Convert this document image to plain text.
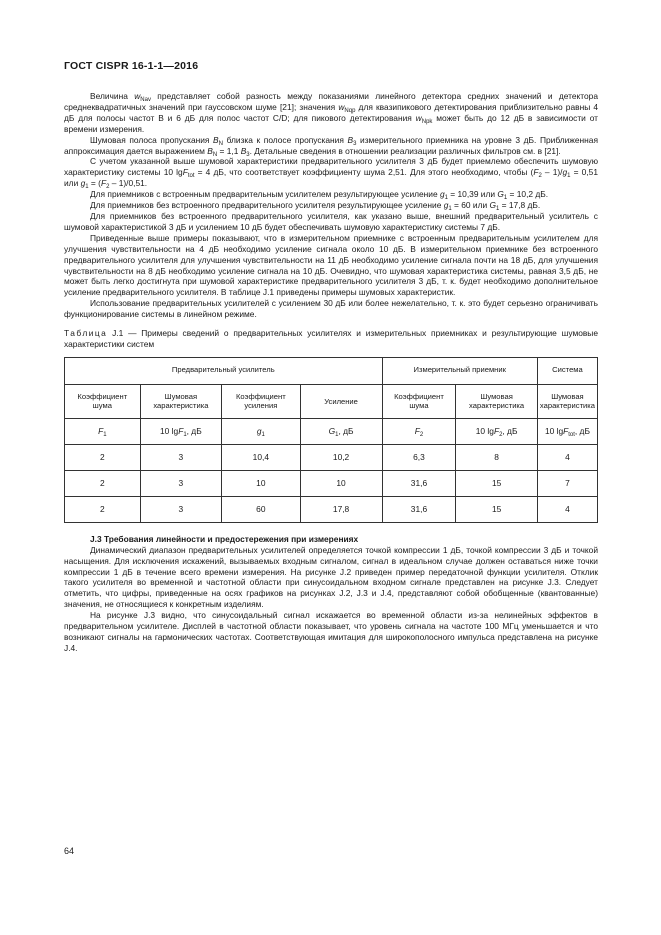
ГОСТ CISPR 16-1-1—2016

Величина $w_{Nav}$ представляет собой разность между показаниями линейного детектора средних значений и детектора среднеквадратичных значений при гауссовском шуме [21]; значения $w_{Nqp}$ для квазипикового детектирования приблизительно равны 4 дБ для полосы частот В и 6 дБ для полос частот C/D; для пикового детектирования $w_{Npk}$ может быть до 12 дБ в зависимости от времени измерения.

Шумовая полоса пропускания $B_N$ близка к полосе пропускания $B_3$ измерительного приемника на уровне 3 дБ. Приближенная аппроксимация дается выражением $B_N = 1,1$ $B_3$. Детальные сведения в отношении реализации различных фильтров см. в [21].

С учетом указанной выше шумовой характеристики предварительного усилителя 3 дБ будет приемлемо обеспечить шумовую характеристику системы 10 lgF$_{tot}$ = 4 дБ, что соответствует коэффициенту шума 2,51. Для этого необходимо, чтобы $(F_2 - 1)/g_1 = 0,51$ или $g_1 = (F_2 - 1)/0,51$.

Для приемников с встроенным предварительным усилителем результирующее усиление $g_1 = 10,39$ или $G_1 = 10,2$ дБ.

Для приемников без встроенного предварительного усилителя результирующее усиление $g_1 = 60$ или $G_1 = 17,8$ дБ.

Для приемников без встроенного предварительного усилителя, как указано выше, внешний предварительный усилитель с шумовой характеристикой 3 дБ и усилением 10 дБ будет обеспечивать шумовую характеристику системы 7 дБ.

Приведенные выше примеры показывают, что в измерительном приемнике с встроенным предварительным усилителем для улучшения чувствительности на 4 дБ необходимо усиление сигнала около 10 дБ. В измерительном приемнике без встроенного предварительного усилителя для улучшения чувствительности на 11 дБ необходимо усиление сигнала почти на 18 дБ, для улучшения чувствительности на 8 дБ необходимо усиление сигнала на 10 дБ. Очевидно, что шумовая характеристика системы, равная 3,5 дБ, не может быть легко достигнута при шумовой характеристике предварительного усилителя 3 дБ, т. к. будет необходимо дополнительное усиление предварительного усилителя. В таблице J.1 приведены примеры шумовых характеристик.

Использование предварительных усилителей с усилением 30 дБ или более нежелательно, т. к. это будет серьезно ограничивать функционирование системы в линейном режиме.

Таблица J.1 — Примеры сведений о предварительных усилителях и измерительных приемниках и результирующие шумовые характеристики систем

Предварительный усилитель				Измерительный приемник		Система
Коэффициент шума	Шумовая характеристика	Коэффициент усиления	Усиление	Коэффициент шума	Шумовая характеристика	Шумовая характеристика
$F_1$	10 lgF$_1$, дБ	$g_1$	$G_1$, дБ	$F_2$	10 lgF$_2$, дБ	10 lgF$_{tot}$, дБ
2	3	10,4	10,2	6,3	8	4
2	3	10	10	31,6	15	7
2	3	60	17,8	31,6	15	4

J.3 Требования линейности и предостережения при измерениях

Динамический диапазон предварительных усилителей определяется точкой компрессии 1 дБ, точкой компрессии 3 дБ и точкой насыщения. Для исключения искажений, вызываемых входным сигналом, сигнал в идеальном случае должен оставаться ниже точки компрессии 1 дБ в течение всего времени измерения. На рисунке J.2 приведен пример передаточной функции усилителя. Отклик такого усилителя во временной и частотной области при синусоидальном входном сигнале представлен на рисунке J.3. Следует отметить, что цифры, приведенные на осях графиков на рисунках J.2, J.3 и J.4, представляют собой обобщенные (квантованные) значения, не относящиеся к конкретным изделиям.

На рисунке J.3 видно, что синусоидальный сигнал искажается во временной области из-за нелинейных эффектов в предварительном усилителе. Дисплей в частотной области показывает, что уровень сигнала на частоте 100 МГц уменьшается и что возникают сигналы на гармонических частотах. Соответствующая имитация для широкополосного импульса представлена на рисунке J.4.

64
